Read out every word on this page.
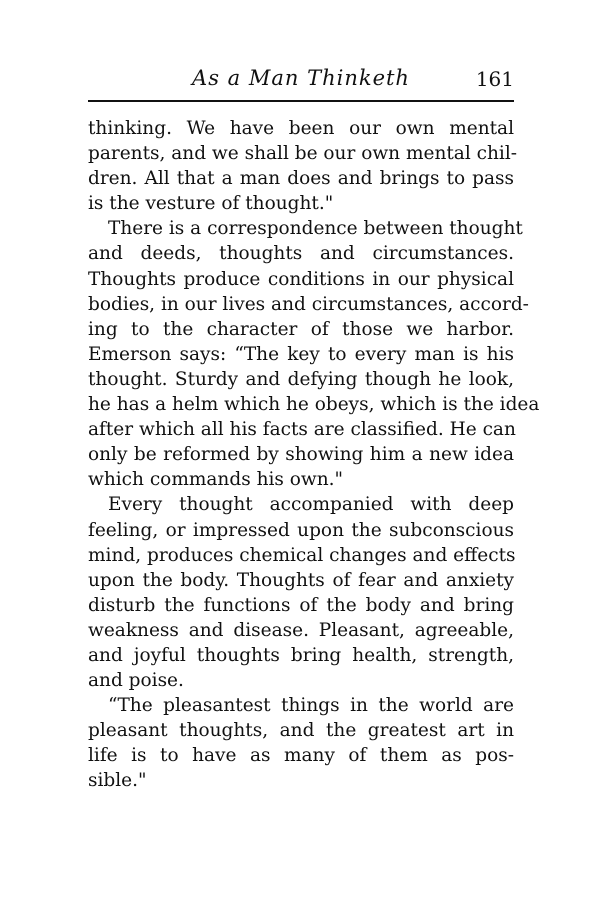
As a Man Thinketh	161
thinking. We have been our own mental
parents, and we shall be our own mental chil-
dren. All that a man does and brings to pass
is the vesture of thought."
There is a correspondence between thought
and deeds, thoughts and circumstances.
Thoughts produce conditions in our physical
bodies, in our lives and circumstances, accord-
ing to the character of those we harbor.
Emerson says: “The key to every man is his
thought. Sturdy and defying though he look,
he has a helm which he obeys, which is the idea
after which all his facts are classified. He can
only be reformed by showing him a new idea
which commands his own."
Every thought accompanied with deep
feeling, or impressed upon the subconscious
mind, produces chemical changes and effects
upon the body. Thoughts of fear and anxiety
disturb the functions of the body and bring
weakness and disease. Pleasant, agreeable,
and joyful thoughts bring health, strength,
and poise.
“The pleasantest things in the world are
pleasant thoughts, and the greatest art in
life is to have as many of them as pos-
sible."
